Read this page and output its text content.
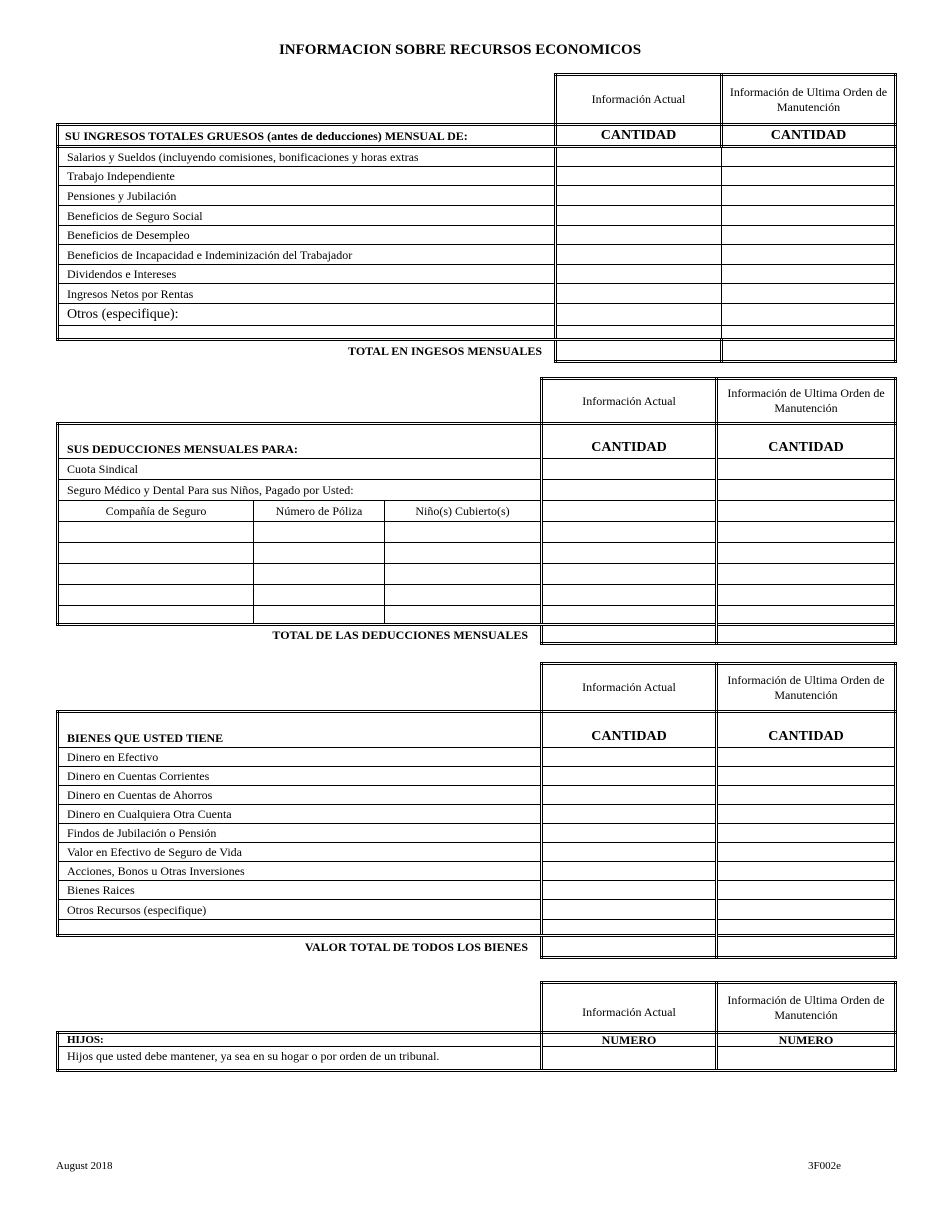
INFORMACION SOBRE RECURSOS ECONOMICOS
	Información Actual	Información de Ultima Orden de Manutención
SU INGRESOS TOTALES GRUESOS (antes de deducciones) MENSUAL DE:	CANTIDAD	CANTIDAD
Salarios y Sueldos (incluyendo comisiones, bonificaciones y horas extras		
Trabajo Independiente		
Pensiones y Jubilación		
Beneficios de Seguro Social		
Beneficios de Desempleo		
Beneficios de Incapacidad e Indeminización del Trabajador		
Dividendos e Intereses		
Ingresos Netos por Rentas		
Otros (especifique):		

TOTAL EN INGESOS MENSUALES		
			Información Actual	Información de Ultima Orden de Manutención
SUS DEDUCCIONES MENSUALES PARA:			CANTIDAD	CANTIDAD
Cuota Sindical				
Seguro Médico y Dental Para sus Niños, Pagado por Usted:				
Compañía de Seguro	Número de Póliza	Niño(s) Cubierto(s)		

TOTAL DE LAS DEDUCCIONES MENSUALES				
	Información Actual	Información de Ultima Orden de Manutención
BIENES QUE USTED TIENE	CANTIDAD	CANTIDAD
Dinero en Efectivo		
Dinero en Cuentas Corrientes		
Dinero en Cuentas de Ahorros		
Dinero en Cualquiera Otra Cuenta		
Findos de Jubilación o Pensión		
Valor en Efectivo de Seguro de Vida		
Acciones, Bonos u Otras Inversiones		
Bienes Raices		
Otros Recursos (especifique)		

VALOR TOTAL DE TODOS LOS BIENES		
	Información Actual	Información de Ultima Orden de Manutención
HIJOS:	NUMERO	NUMERO
Hijos que usted debe mantener, ya sea en su hogar o por orden de un tribunal.		
August 2018	3F002e
